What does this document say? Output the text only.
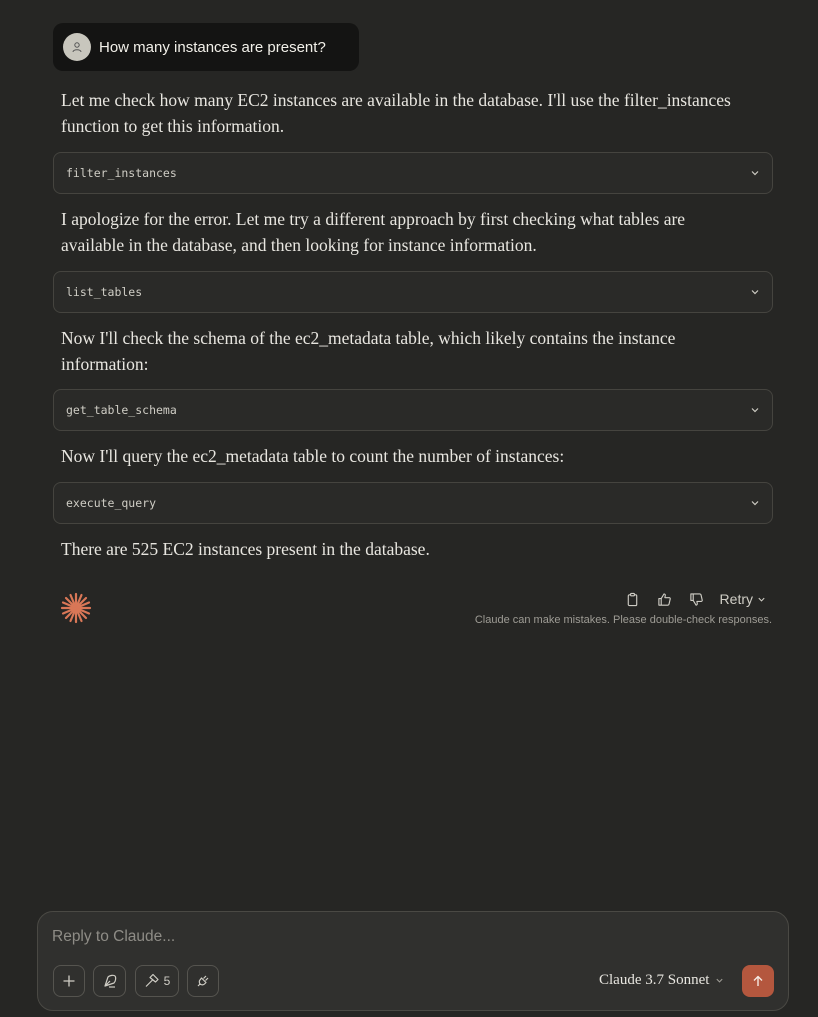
How many instances are present?

Let me check how many EC2 instances are available in the database. I'll use the filter_instances function to get this information.

filter_instances

I apologize for the error. Let me try a different approach by first checking what tables are available in the database, and then looking for instance information.

list_tables

Now I'll check the schema of the ec2_metadata table, which likely contains the instance information:

get_table_schema

Now I'll query the ec2_metadata table to count the number of instances:

execute_query

There are 525 EC2 instances present in the database.

Retry
Claude can make mistakes. Please double-check responses.
Reply to Claude...
5	Claude 3.7 Sonnet
